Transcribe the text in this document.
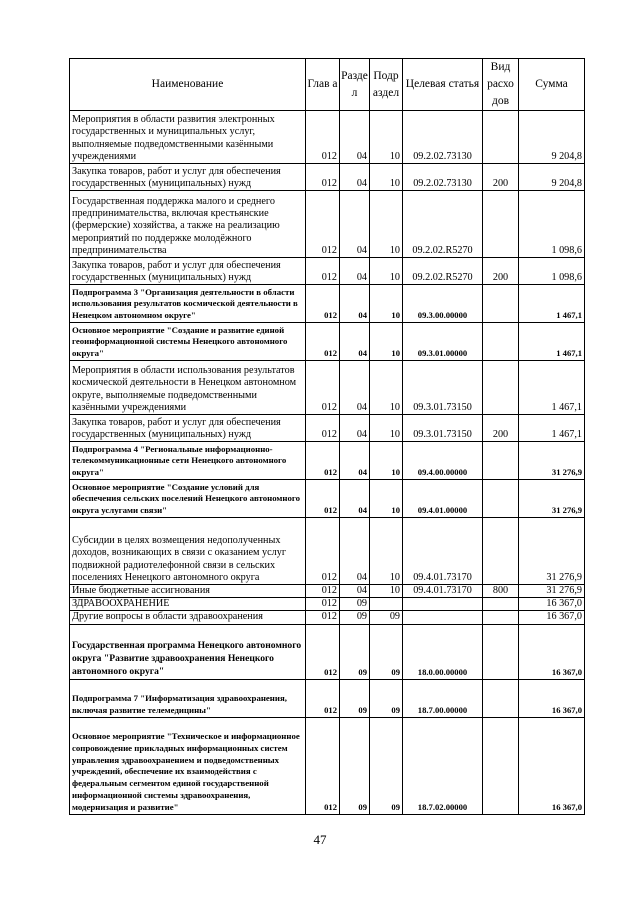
Наименование	Глав а	Разде л	Подр аздел	Целевая статья	Вид расхо дов	Сумма
Мероприятия в области развития электронных государственных и муниципальных услуг, выполняемые подведомственными казёнными учреждениями	012	04	10	09.2.02.73130		9 204,8
Закупка товаров, работ и услуг для обеспечения государственных (муниципальных) нужд	012	04	10	09.2.02.73130	200	9 204,8
Государственная поддержка малого и среднего предпринимательства, включая крестьянские (фермерские) хозяйства, а также на реализацию мероприятий по поддержке молодёжного предпринимательства	012	04	10	09.2.02.R5270		1 098,6
Закупка товаров, работ и услуг для обеспечения государственных (муниципальных) нужд	012	04	10	09.2.02.R5270	200	1 098,6
Подпрограмма 3 "Организация деятельности в области использования результатов космической деятельности в Ненецком автономном округе"	012	04	10	09.3.00.00000		1 467,1
Основное мероприятие "Создание и развитие единой геоинформационной системы Ненецкого автономного округа"	012	04	10	09.3.01.00000		1 467,1
Мероприятия в области использования результатов космической деятельности в Ненецком автономном округе, выполняемые подведомственными казёнными учреждениями	012	04	10	09.3.01.73150		1 467,1
Закупка товаров, работ и услуг для обеспечения государственных (муниципальных) нужд	012	04	10	09.3.01.73150	200	1 467,1
Подпрограмма 4 "Региональные информационно-телекоммуникационные сети Ненецкого автономного округа"	012	04	10	09.4.00.00000		31 276,9
Основное мероприятие "Создание условий для обеспечения сельских поселений Ненецкого автономного округа услугами связи"	012	04	10	09.4.01.00000		31 276,9
Субсидии в целях возмещения недополученных доходов, возникающих в связи с оказанием услуг подвижной радиотелефонной связи в сельских поселениях Ненецкого автономного округа	012	04	10	09.4.01.73170		31 276,9
Иные бюджетные ассигнования	012	04	10	09.4.01.73170	800	31 276,9
ЗДРАВООХРАНЕНИЕ	012	09				16 367,0
Другие вопросы в области здравоохранения	012	09	09			16 367,0
Государственная программа Ненецкого автономного округа "Развитие здравоохранения Ненецкого автономного округа"	012	09	09	18.0.00.00000		16 367,0
Подпрограмма 7 "Информатизация здравоохранения, включая развитие телемедицины"	012	09	09	18.7.00.00000		16 367,0
Основное мероприятие "Техническое и информационное сопровождение прикладных информационных систем управления здравоохранением и подведомственных учреждений, обеспечение их взаимодействия с федеральным сегментом единой государственной информационной системы здравоохранения, модернизация и развитие"	012	09	09	18.7.02.00000		16 367,0
47
